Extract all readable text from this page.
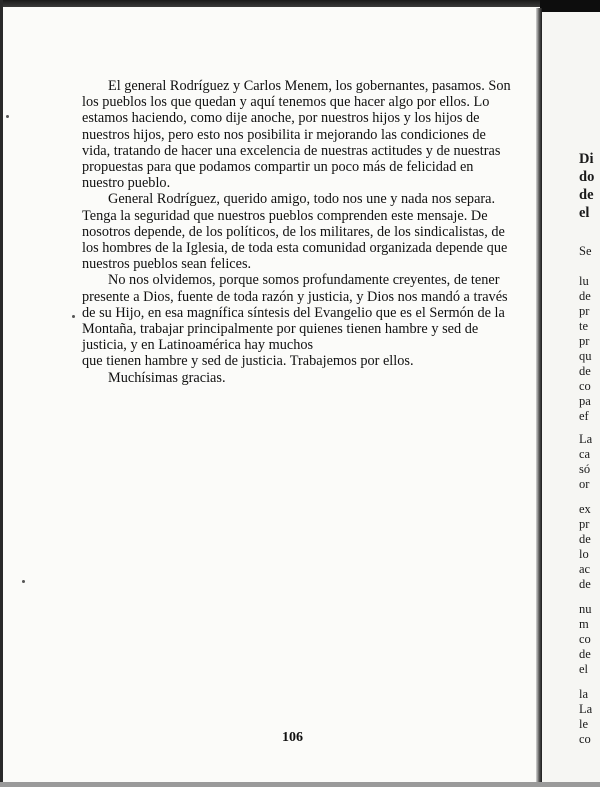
El general Rodríguez y Carlos Menem, los gobernantes, pasamos. Son los pueblos los que quedan y aquí tenemos que hacer algo por ellos. Lo estamos haciendo, como dije anoche, por nuestros hijos y los hijos de nuestros hijos, pero esto nos posibilita ir mejorando las condiciones de vida, tratando de hacer una excelencia de nuestras actitudes y de nuestras propuestas para que podamos compartir un poco más de felicidad en nuestro pueblo.

General Rodríguez, querido amigo, todo nos une y nada nos separa. Tenga la seguridad que nuestros pueblos comprenden este mensaje. De nosotros depende, de los políticos, de los militares, de los sindicalistas, de los hombres de la Iglesia, de toda esta comunidad organizada depende que nuestros pueblos sean felices.

No nos olvidemos, porque somos profundamente creyentes, de tener presente a Dios, fuente de toda razón y justicia, y Dios nos mandó a través de su Hijo, en esa magnífica síntesis del Evangelio que es el Sermón de la Montaña, trabajar principalmente por quienes tienen hambre y sed de justicia, y en Latinoamérica hay muchos

que tienen hambre y sed de justicia. Trabajemos por ellos.

Muchísimas gracias.

106
Di
do
de
el
Se
lu
de
pr
te
pr
qu
de
co
pa
ef
La
ca
só
or
ex
pr
de
lo
ac
de
nu
m
co
de
el
la
La
le
co
